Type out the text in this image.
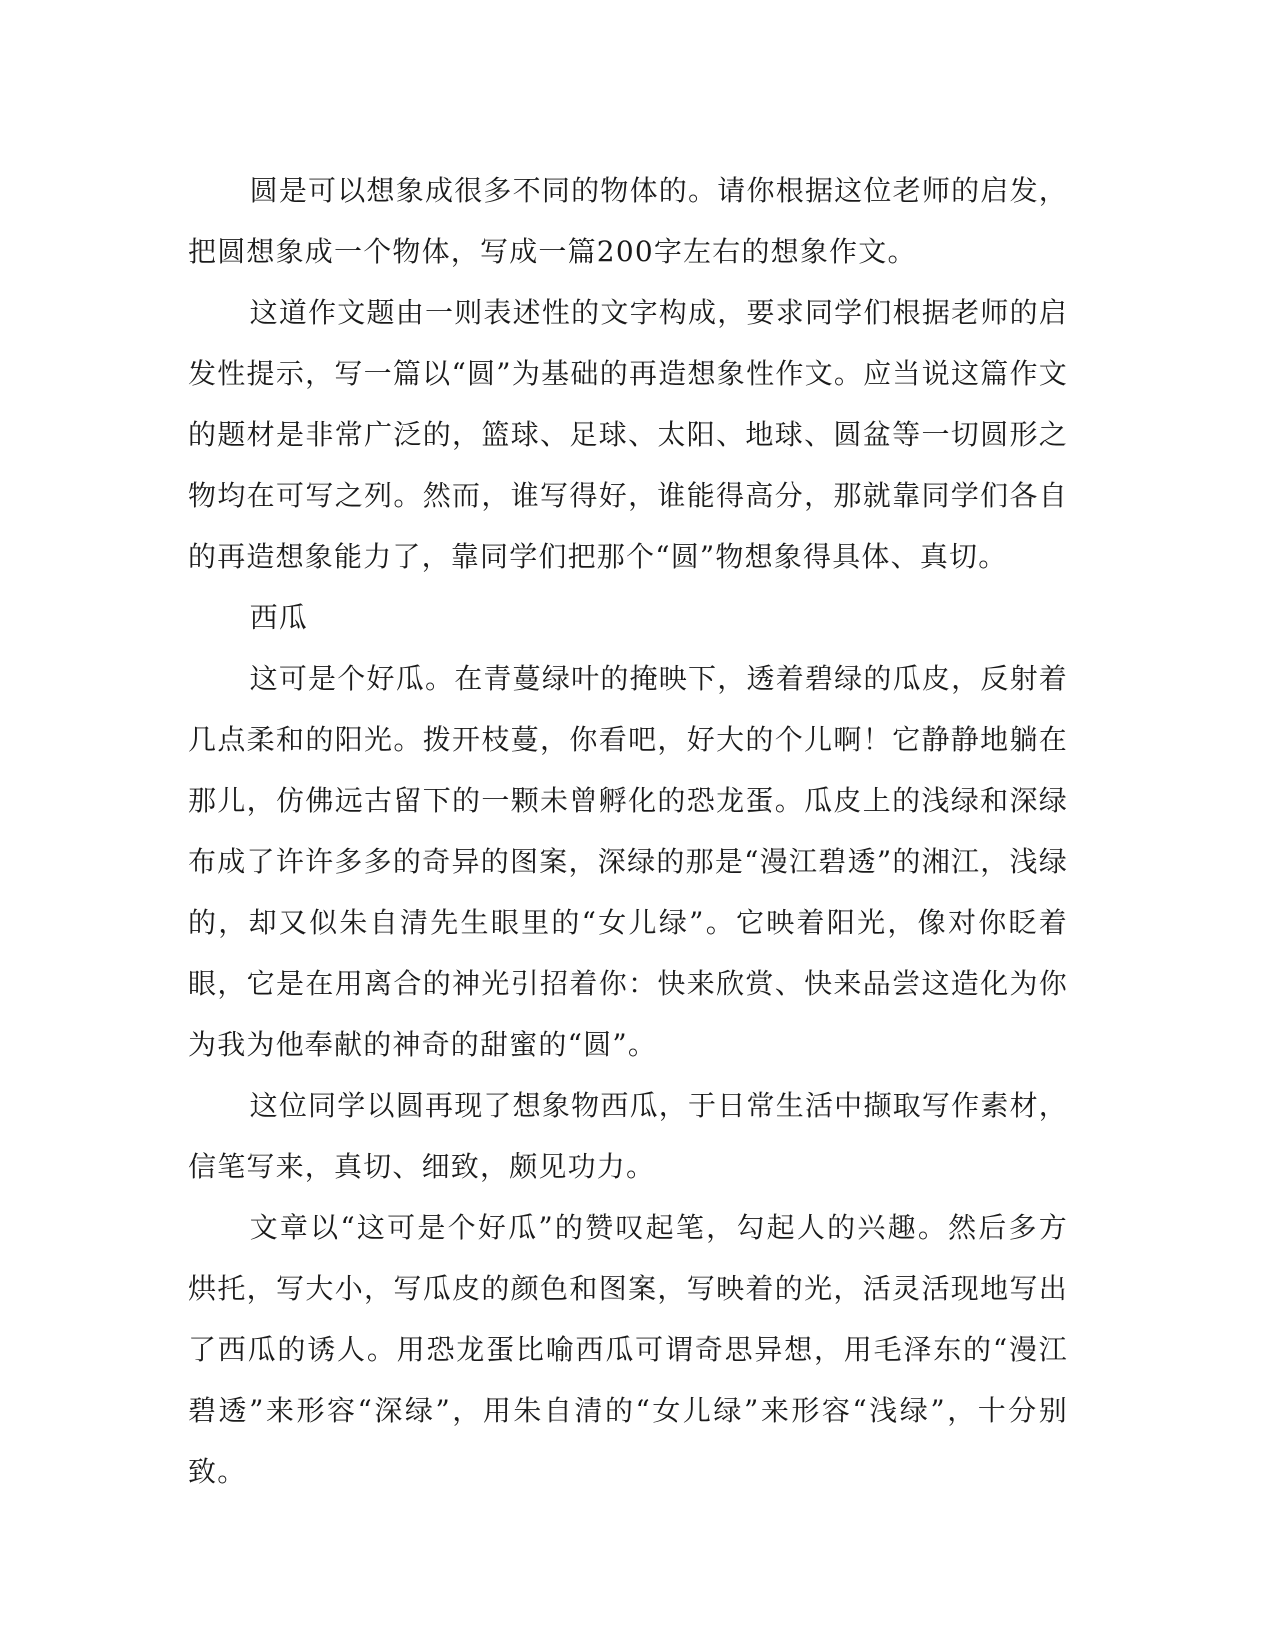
圆是可以想象成很多不同的物体的。请你根据这位老师的启发，把圆想象成一个物体，写成一篇200字左右的想象作文。

这道作文题由一则表述性的文字构成，要求同学们根据老师的启发性提示，写一篇以“圆”为基础的再造想象性作文。应当说这篇作文的题材是非常广泛的，篮球、足球、太阳、地球、圆盆等一切圆形之物均在可写之列。然而，谁写得好，谁能得高分，那就靠同学们各自的再造想象能力了，靠同学们把那个“圆”物想象得具体、真切。

西瓜

这可是个好瓜。在青蔓绿叶的掩映下，透着碧绿的瓜皮，反射着几点柔和的阳光。拨开枝蔓，你看吧，好大的个儿啊！它静静地躺在那儿，仿佛远古留下的一颗未曾孵化的恐龙蛋。瓜皮上的浅绿和深绿布成了许许多多的奇异的图案，深绿的那是“漫江碧透”的湘江，浅绿的，却又似朱自清先生眼里的“女儿绿”。它映着阳光，像对你眨着眼，它是在用离合的神光引招着你：快来欣赏、快来品尝这造化为你为我为他奉献的神奇的甜蜜的“圆”。

这位同学以圆再现了想象物西瓜，于日常生活中撷取写作素材，信笔写来，真切、细致，颇见功力。

文章以“这可是个好瓜”的赞叹起笔，勾起人的兴趣。然后多方烘托，写大小，写瓜皮的颜色和图案，写映着的光，活灵活现地写出了西瓜的诱人。用恐龙蛋比喻西瓜可谓奇思异想，用毛泽东的“漫江碧透”来形容“深绿”，用朱自清的“女儿绿”来形容“浅绿”，十分别致。
